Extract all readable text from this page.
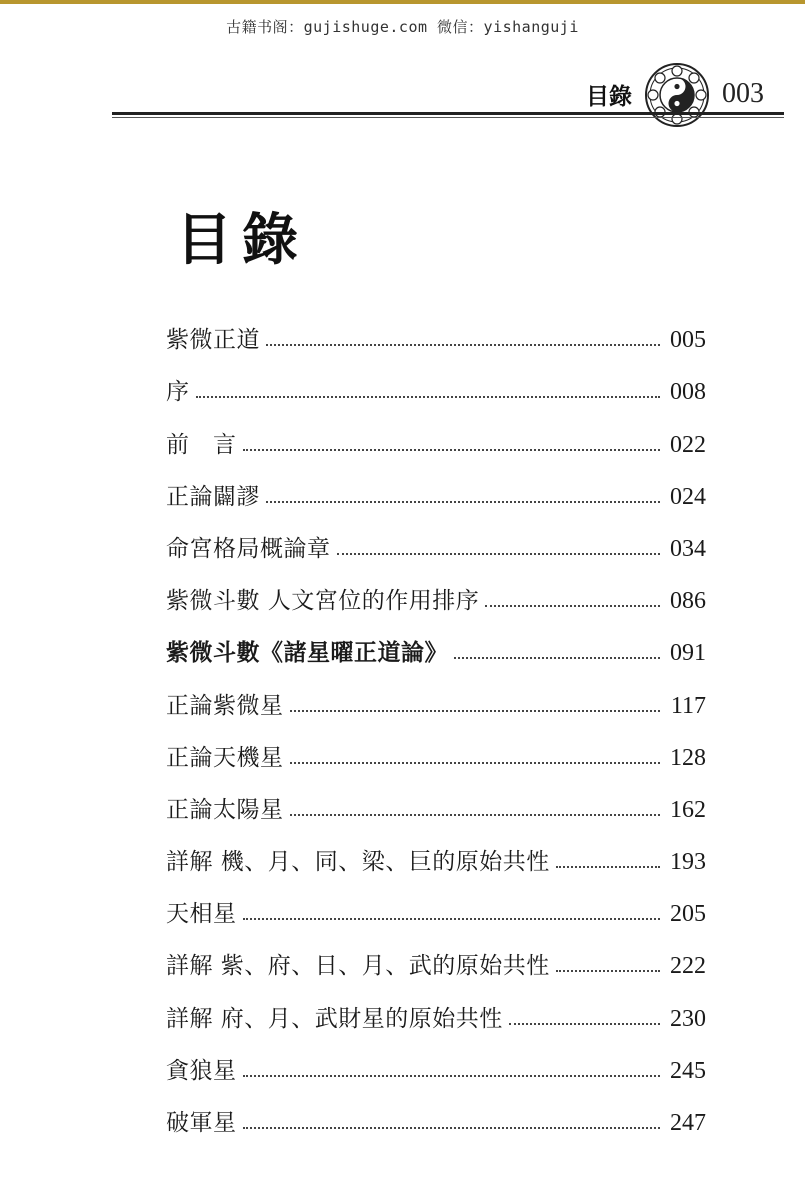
古籍书阁：gujishuge.com 微信：yishanguji
目錄	003
目錄
紫微正道	005
序	008
前　言	022
正論闢謬	024
命宮格局概論章	034
紫微斗數 人文宮位的作用排序	086
紫微斗數《諸星曜正道論》	091
正論紫微星	117
正論天機星	128
正論太陽星	162
詳解 機、月、同、梁、巨的原始共性	193
天相星	205
詳解 紫、府、日、月、武的原始共性	222
詳解 府、月、武財星的原始共性	230
貪狼星	245
破軍星	247
